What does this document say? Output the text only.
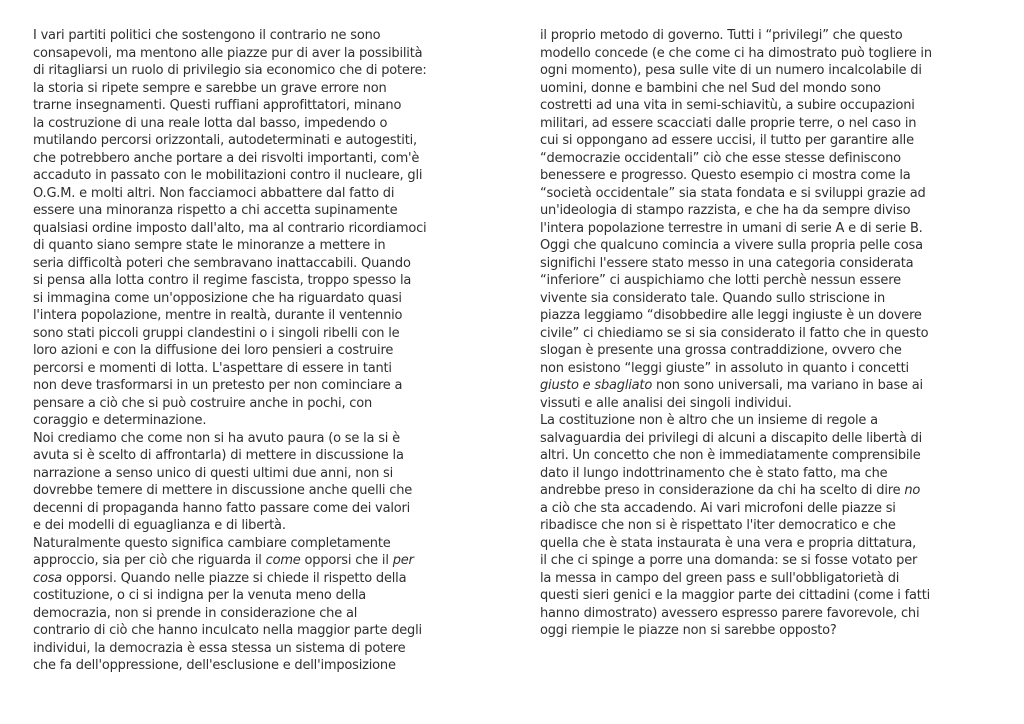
I vari partiti politici che sostengono il contrario ne sono
consapevoli, ma mentono alle piazze pur di aver la possibilità
di ritagliarsi un ruolo di privilegio sia economico che di potere:
la storia si ripete sempre e sarebbe un grave errore non
trarne insegnamenti. Questi ruffiani approfittatori, minano
la costruzione di una reale lotta dal basso, impedendo o
mutilando percorsi orizzontali, autodeterminati e autogestiti,
che potrebbero anche portare a dei risvolti importanti, com'è
accaduto in passato con le mobilitazioni contro il nucleare, gli
O.G.M. e molti altri. Non facciamoci abbattere dal fatto di
essere una minoranza rispetto a chi accetta supinamente
qualsiasi ordine imposto dall'alto, ma al contrario ricordiamoci
di quanto siano sempre state le minoranze a mettere in
seria difficoltà poteri che sembravano inattaccabili. Quando
si pensa alla lotta contro il regime fascista, troppo spesso la
si immagina come un'opposizione che ha riguardato quasi
l'intera popolazione, mentre in realtà, durante il ventennio
sono stati piccoli gruppi clandestini o i singoli ribelli con le
loro azioni e con la diffusione dei loro pensieri a costruire
percorsi e momenti di lotta. L'aspettare di essere in tanti
non deve trasformarsi in un pretesto per non cominciare a
pensare a ciò che si può costruire anche in pochi, con
coraggio e determinazione.
Noi crediamo che come non si ha avuto paura (o se la si è
avuta si è scelto di affrontarla) di mettere in discussione la
narrazione a senso unico di questi ultimi due anni, non si
dovrebbe temere di mettere in discussione anche quelli che
decenni di propaganda hanno fatto passare come dei valori
e dei modelli di eguaglianza e di libertà.
Naturalmente questo significa cambiare completamente
approccio, sia per ciò che riguarda il come opporsi che il per
cosa opporsi. Quando nelle piazze si chiede il rispetto della
costituzione, o ci si indigna per la venuta meno della
democrazia, non si prende in considerazione che al
contrario di ciò che hanno inculcato nella maggior parte degli
individui, la democrazia è essa stessa un sistema di potere
che fa dell'oppressione, dell'esclusione e dell'imposizione
il proprio metodo di governo. Tutti i “privilegi” che questo
modello concede (e che come ci ha dimostrato può togliere in
ogni momento), pesa sulle vite di un numero incalcolabile di
uomini, donne e bambini che nel Sud del mondo sono
costretti ad una vita in semi-schiavitù, a subire occupazioni
militari, ad essere scacciati dalle proprie terre, o nel caso in
cui si oppongano ad essere uccisi, il tutto per garantire alle
“democrazie occidentali” ciò che esse stesse definiscono
benessere e progresso. Questo esempio ci mostra come la
“società occidentale” sia stata fondata e si sviluppi grazie ad
un'ideologia di stampo razzista, e che ha da sempre diviso
l'intera popolazione terrestre in umani di serie A e di serie B.
Oggi che qualcuno comincia a vivere sulla propria pelle cosa
significhi l'essere stato messo in una categoria considerata
“inferiore” ci auspichiamo che lotti perchè nessun essere
vivente sia considerato tale. Quando sullo striscione in
piazza leggiamo “disobbedire alle leggi ingiuste è un dovere
civile” ci chiediamo se si sia considerato il fatto che in questo
slogan è presente una grossa contraddizione, ovvero che
non esistono “leggi giuste” in assoluto in quanto i concetti
giusto e sbagliato non sono universali, ma variano in base ai
vissuti e alle analisi dei singoli individui.
La costituzione non è altro che un insieme di regole a
salvaguardia dei privilegi di alcuni a discapito delle libertà di
altri. Un concetto che non è immediatamente comprensibile
dato il lungo indottrinamento che è stato fatto, ma che
andrebbe preso in considerazione da chi ha scelto di dire no
a ciò che sta accadendo. Ai vari microfoni delle piazze si
ribadisce che non si è rispettato l'iter democratico e che
quella che è stata instaurata è una vera e propria dittatura,
il che ci spinge a porre una domanda: se si fosse votato per
la messa in campo del green pass e sull'obbligatorietà di
questi sieri genici e la maggior parte dei cittadini (come i fatti
hanno dimostrato) avessero espresso parere favorevole, chi
oggi riempie le piazze non si sarebbe opposto?
